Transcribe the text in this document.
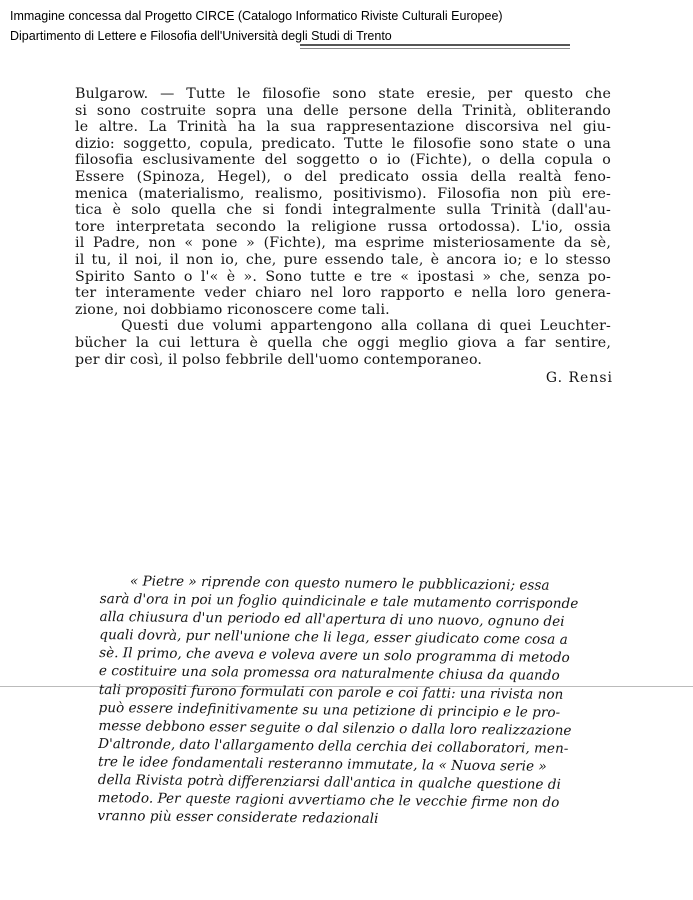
Immagine concessa dal Progetto CIRCE (Catalogo Informatico Riviste Culturali Europee)
Dipartimento di Lettere e Filosofia dell'Università degli Studi di Trento
Bulgarow. — Tutte le filosofie sono state eresie, per questo che
si sono costruite sopra una delle persone della Trinità, obliterando
le altre. La Trinità ha la sua rappresentazione discorsiva nel giu-
dizio: soggetto, copula, predicato. Tutte le filosofie sono state o una
filosofia esclusivamente del soggetto o io (Fichte), o della copula o
Essere (Spinoza, Hegel), o del predicato ossia della realtà feno-
menica (materialismo, realismo, positivismo). Filosofia non più ere-
tica è solo quella che si fondi integralmente sulla Trinità (dall'au-
tore interpretata secondo la religione russa ortodossa). L'io, ossia
il Padre, non « pone » (Fichte), ma esprime misteriosamente da sè,
il tu, il noi, il non io, che, pure essendo tale, è ancora io; e lo stesso
Spirito Santo o l'« è ». Sono tutte e tre « ipostasi » che, senza po-
ter interamente veder chiaro nel loro rapporto e nella loro genera-
zione, noi dobbiamo riconoscere come tali.
Questi due volumi appartengono alla collana di quei Leuchter-
bücher la cui lettura è quella che oggi meglio giova a far sentire,
per dir così, il polso febbrile dell'uomo contemporaneo.
G. Rensi
« Pietre » riprende con questo numero le pubblicazioni; essa
sarà d'ora in poi un foglio quindicinale e tale mutamento corrisponde
alla chiusura d'un periodo ed all'apertura di uno nuovo, ognuno dei
quali dovrà, pur nell'unione che li lega, esser giudicato come cosa a
sè. Il primo, che aveva e voleva avere un solo programma di metodo
e costituire una sola promessa ora naturalmente chiusa da quando
tali propositi furono formulati con parole e coi fatti: una rivista non
può essere indefinitivamente su una petizione di principio e le pro-
messe debbono esser seguite o dal silenzio o dalla loro realizzazione
D'altronde, dato l'allargamento della cerchia dei collaboratori, men-
tre le idee fondamentali resteranno immutate, la « Nuova serie »
della Rivista potrà differenziarsi dall'antica in qualche questione di
metodo. Per queste ragioni avvertiamo che le vecchie firme non do
vranno più esser considerate redazionali
